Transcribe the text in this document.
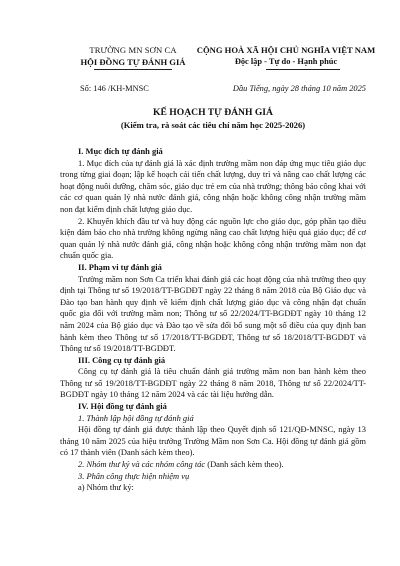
TRƯỜNG MN SƠN CA
HỘI ĐỒNG TỰ ĐÁNH GIÁ
CỘNG HOÀ XÃ HỘI CHỦ NGHĨA VIỆT NAM
Độc lập - Tự do - Hạnh phúc
Số: 146 /KH-MNSC	Dầu Tiếng, ngày 28 tháng 10 năm 2025
KẾ HOẠCH TỰ ĐÁNH GIÁ
(Kiểm tra, rà soát các tiêu chí năm học 2025-2026)

I. Mục đích tự đánh giá

1. Mục đích của tự đánh giá là xác định trường mầm non đáp ứng mục tiêu giáo dục trong từng giai đoạn; lập kế hoạch cải tiến chất lượng, duy trì và nâng cao chất lượng các hoạt động nuôi dưỡng, chăm sóc, giáo dục trẻ em của nhà trường; thông báo công khai với các cơ quan quản lý nhà nước đánh giá, công nhận hoặc không công nhận trường mầm non đạt kiểm định chất lượng giáo dục.

2. Khuyến khích đầu tư và huy động các nguồn lực cho giáo dục, góp phần tạo điều kiện đảm bảo cho nhà trường không ngừng nâng cao chất lượng hiệu quả giáo dục; để cơ quan quản lý nhà nước đánh giá, công nhận hoặc không công nhận trường mầm non đạt chuẩn quốc gia.

II. Phạm vi tự đánh giá

Trường mầm non Sơn Ca triển khai đánh giá các hoạt động của nhà trường theo quy định tại Thông tư số 19/2018/TT-BGDĐT ngày 22 tháng 8 năm 2018 của Bộ Giáo dục và Đào tạo ban hành quy định về kiểm định chất lượng giáo dục và công nhận đạt chuẩn quốc gia đối với trường mầm non; Thông tư số 22/2024/TT-BGDĐT ngày 10 tháng 12 năm 2024 của Bộ giáo dục và Đào tạo về sửa đổi bổ sung một số điều của quy định ban hành kèm theo Thông tư số 17/2018/TT-BGDĐT, Thông tư số 18/2018/TT-BGDĐT và Thông tư số 19/2018/TT-BGDĐT.

III. Công cụ tự đánh giá

Công cụ tự đánh giá là tiêu chuẩn đánh giá trường mầm non ban hành kèm theo Thông tư số 19/2018/TT-BGDĐT ngày 22 tháng 8 năm 2018, Thông tư số 22/2024/TT-BGDĐT ngày 10 tháng 12 năm 2024 và các tài liệu hướng dẫn.

IV. Hội đồng tự đánh giá

1. Thành lập hội đồng tự đánh giá

Hội đồng tự đánh giá được thành lập theo Quyết định số 121/QĐ-MNSC, ngày 13 tháng 10 năm 2025 của hiệu trưởng Trường Mầm non Sơn Ca. Hội đồng tự đánh giá gồm có 17 thành viên (Danh sách kèm theo).

2. Nhóm thư ký và các nhóm công tác (Danh sách kèm theo).

3. Phân công thực hiện nhiệm vụ

a) Nhóm thư ký:
